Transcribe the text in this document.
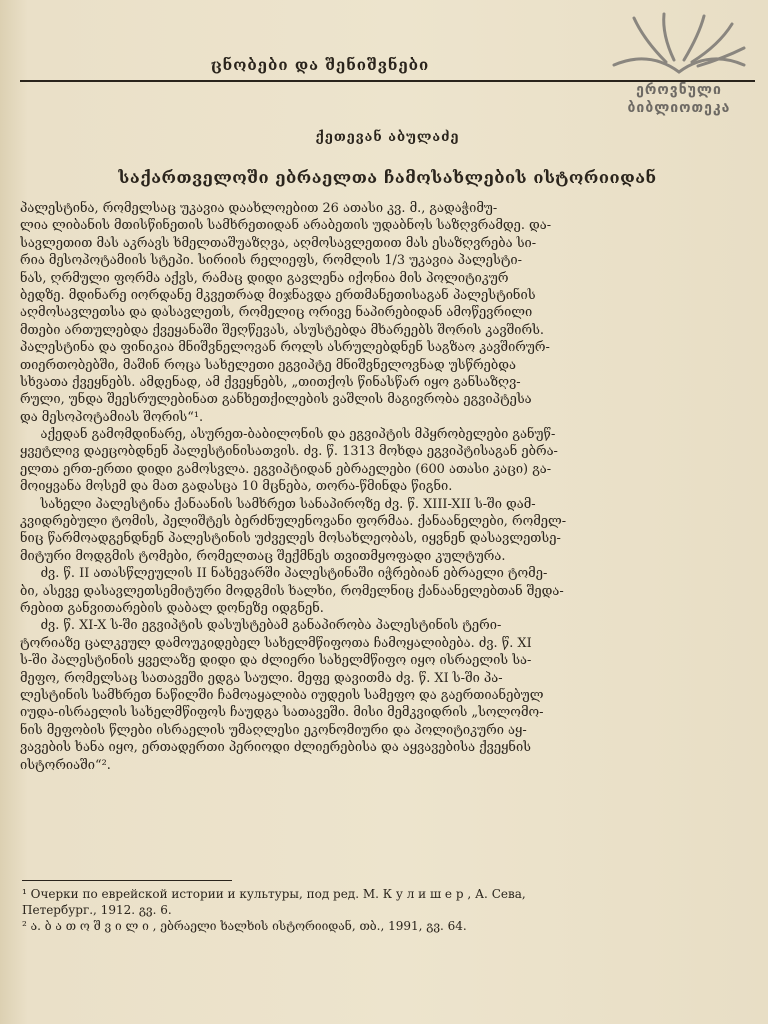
ცნობები და შენიშვნები
ეროვნული
ბიბლიოთეკა
ქეთევან აბულაძე
საქართველოში ებრაელთა ჩამოსახლების ისტორიიდან
პალესტინა, რომელსაც უკავია დაახლოებით 26 ათასი კვ. მ., გადაჭიმუ-
ლია ლიბანის მთისწინეთის სამხრეთიდან არაბეთის უდაბნოს საზღვრამდე. და-
სავლეთით მას აკრავს ხმელთაშუაზღვა, აღმოსავლეთით მას ესაზღვრება სი-
რია მესოპოტამიის სტეპი. სირიის რელიეფს, რომლის 1/3 უკავია პალესტი-
ნას, ღრმული ფორმა აქვს, რამაც დიდი გავლენა იქონია მის პოლიტიკურ
ბედზე. მდინარე იორდანე მკვეთრად მიჯნავდა ერთმანეთისაგან პალესტინის
აღმოსავლეთსა და დასავლეთს, რომელიც ორივე ნაპირებიდან ამოწევრილი
მთები ართულებდა ქვეყანაში შეღწევას, ასუსტებდა მხარეებს შორის კავშირს.
პალესტინა და ფინიკია მნიშვნელოვან როლს ასრულებდნენ საგზაო კავშირურ-
თიერთობებში, მაშინ როცა სახელეთი ეგვიპტე მნიშვნელოვნად უსწრებდა
სხვათა ქვეყნებს. ამდენად, ამ ქვეყნებს, „თითქოს წინასწარ იყო განსაზღვ-
რული, უნდა შეესრულებინათ განხეთქილების ვაშლის მაგივრობა ეგვიპტესა
და მესოპოტამიას შორის“¹.
აქედან გამომდინარე, ასურეთ-ბაბილონის და ეგვიპტის მპყრობელები განუწ-
ყვეტლივ დაეცობდნენ პალესტინისათვის. ძვ. წ. 1313 მოხდა ეგვიპტისაგან ებრა-
ელთა ერთ-ერთი დიდი გამოსვლა. ეგვიპტიდან ებრაელები (600 ათასი კაცი) გა-
მოიყვანა მოსემ და მათ გადასცა 10 მცნება, თორა-წმინდა წიგნი.
სახელი პალესტინა ქანაანის სამხრეთ სანაპიროზე ძვ. წ. XIII-XII ს-ში დამ-
კვიდრებული ტომის, პელიშტეს ბერძნულენოვანი ფორმაა. ქანაანელები, რომელ-
ნიც წარმოადგენდნენ პალესტინის უძველეს მოსახლეობას, იყვნენ დასავლეთსე-
მიტური მოდგმის ტომები, რომელთაც შექმნეს თვითმყოფადი კულტურა.
ძვ. წ. II ათასწლეულის II ნახევარში პალესტინაში იჭრებიან ებრაელი ტომე-
ბი, ასევე დასავლეთსემიტური მოდგმის ხალხი, რომელნიც ქანაანელებთან შედა-
რებით განვითარების დაბალ დონეზე იდგნენ.
ძვ. წ. XI-X ს-ში ეგვიპტის დასუსტებამ განაპირობა პალესტინის ტერი-
ტორიაზე ცალკეულ დამოუკიდებელ სახელმწიფოთა ჩამოყალიბება. ძვ. წ. XI
ს-ში პალესტინის ყველაზე დიდი და ძლიერი სახელმწიფო იყო ისრაელის სა-
მეფო, რომელსაც სათავეში ედგა საული. მეფე დავითმა ძვ. წ. XI ს-ში პა-
ლესტინის სამხრეთ ნაწილში ჩამოაყალიბა იუდეის სამეფო და გაერთიანებულ
იუდა-ისრაელის სახელმწიფოს ჩაუდგა სათავეში. მისი მემკვიდრის „სოლომო-
ნის მეფობის წლები ისრაელის უმაღლესი ეკონომიური და პოლიტიკური აყ-
ვავების ხანა იყო, ერთადერთი პერიოდი ძლიერებისა და აყვავებისა ქვეყნის
ისტორიაში“².
¹ Очерки по еврейской истории и культуры, под ред. М. К у л и ш е р , А. Сева,
Петербург., 1912. გვ. 6.
² ა. ბ ა თ ო შ ვ ი ლ ი , ებრაელი ხალხის ისტორიიდან, თბ., 1991, გვ. 64.
